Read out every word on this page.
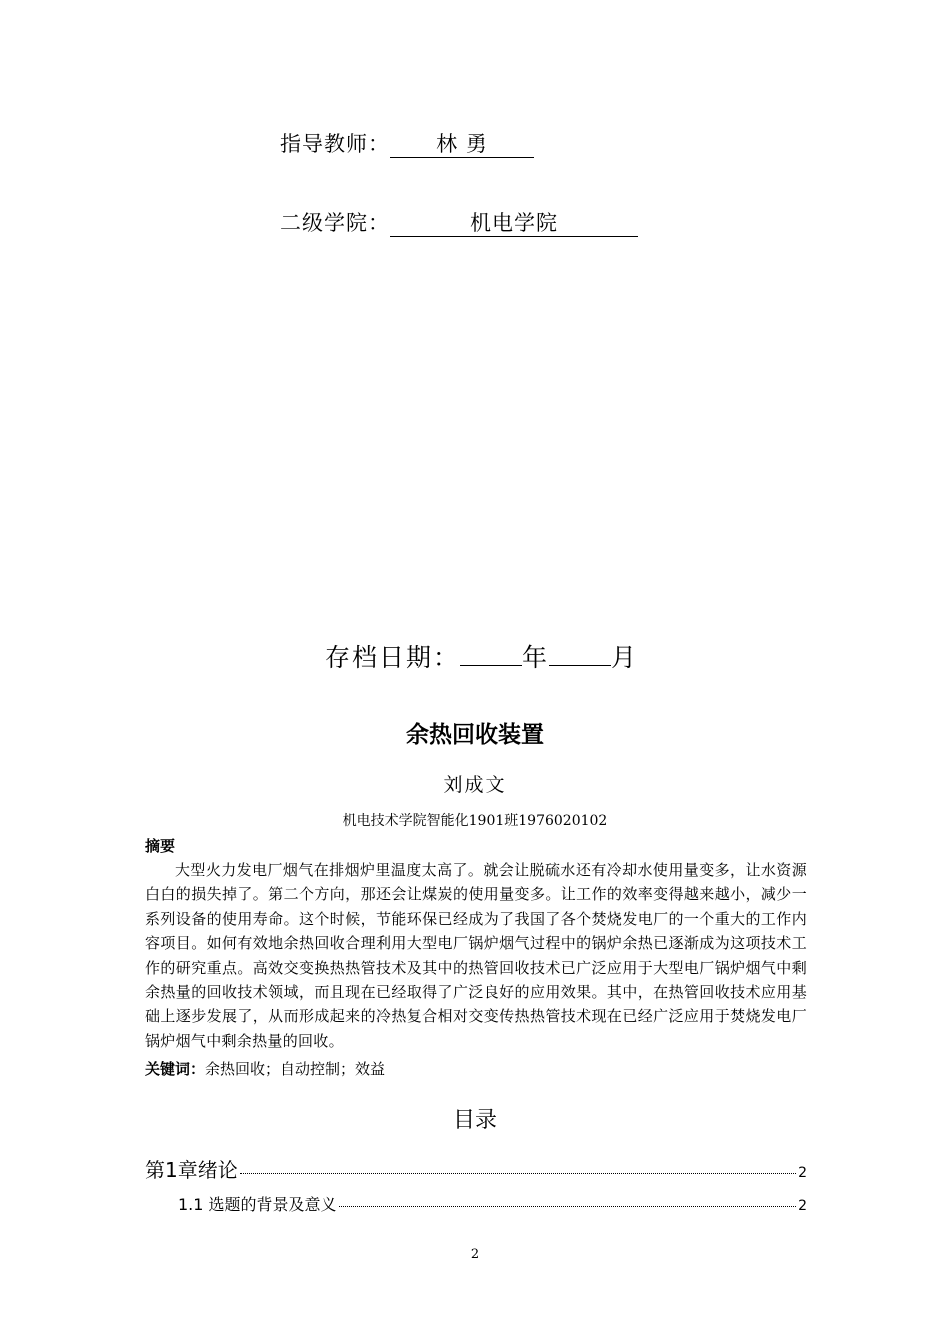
指导教师： 林 勇
二级学院：	机电学院
存档日期： 年 月
余热回收装置
刘成文
机电技术学院智能化1901班1976020102
摘要
大型火力发电厂烟气在排烟炉里温度太高了。就会让脱硫水还有冷却水使用量变多，让水资源白白的损失掉了。第二个方向，那还会让煤炭的使用量变多。让工作的效率变得越来越小，减少一系列设备的使用寿命。这个时候，节能环保已经成为了我国了各个焚烧发电厂的一个重大的工作内容项目。如何有效地余热回收合理利用大型电厂锅炉烟气过程中的锅炉余热已逐渐成为这项技术工作的研究重点。高效交变换热热管技术及其中的热管回收技术已广泛应用于大型电厂锅炉烟气中剩余热量的回收技术领域，而且现在已经取得了广泛良好的应用效果。其中，在热管回收技术应用基础上逐步发展了，从而形成起来的冷热复合相对交变传热热管技术现在已经广泛应用于焚烧发电厂锅炉烟气中剩余热量的回收。
关键词：余热回收；自动控制；效益
目录
第1章绪论	2
1.1 选题的背景及意义	2
2
